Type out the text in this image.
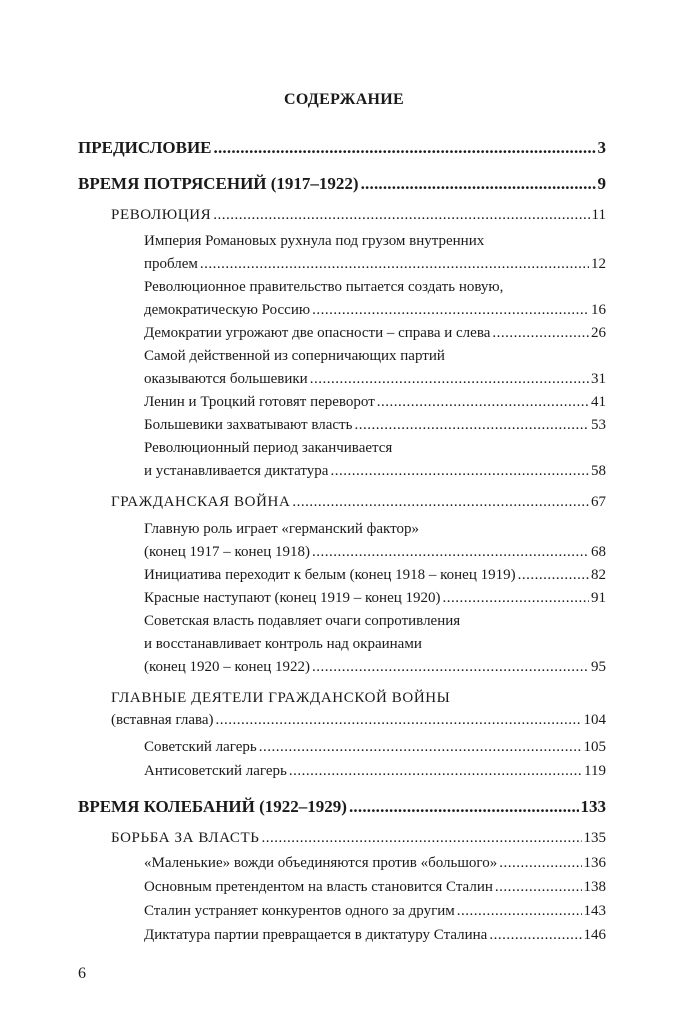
СОДЕРЖАНИЕ
ПРЕДИСЛОВИЕ .....	3
ВРЕМЯ ПОТРЯСЕНИЙ (1917–1922) .....	9
РЕВОЛЮЦИЯ .....	11
Империя Романовых рухнула под грузом внутренних
проблем .....	12
Революционное правительство пытается создать новую,
демократическую Россию .....	16
Демократии угрожают две опасности – справа и слева .....	26
Самой действенной из соперничающих партий
оказываются большевики .....	31
Ленин и Троцкий готовят переворот .....	41
Большевики захватывают власть .....	53
Революционный период заканчивается
и устанавливается диктатура .....	58
ГРАЖДАНСКАЯ ВОЙНА .....	67
Главную роль играет «германский фактор»
(конец 1917 – конец 1918) .....	68
Инициатива переходит к белым (конец 1918 – конец 1919) .....	82
Красные наступают (конец 1919 – конец 1920) .....	91
Советская власть подавляет очаги сопротивления
и восстанавливает контроль над окраинами
(конец 1920 – конец 1922) .....	95
ГЛАВНЫЕ ДЕЯТЕЛИ ГРАЖДАНСКОЙ ВОЙНЫ
(вставная глава) .....	104
Советский лагерь .....	105
Антисоветский лагерь .....	119
ВРЕМЯ КОЛЕБАНИЙ (1922–1929) .....	133
БОРЬБА ЗА ВЛАСТЬ .....	135
«Маленькие» вожди объединяются против «большого» .....	136
Основным претендентом на власть становится Сталин .....	138
Сталин устраняет конкурентов одного за другим .....	143
Диктатура партии превращается в диктатуру Сталина .....	146
6
